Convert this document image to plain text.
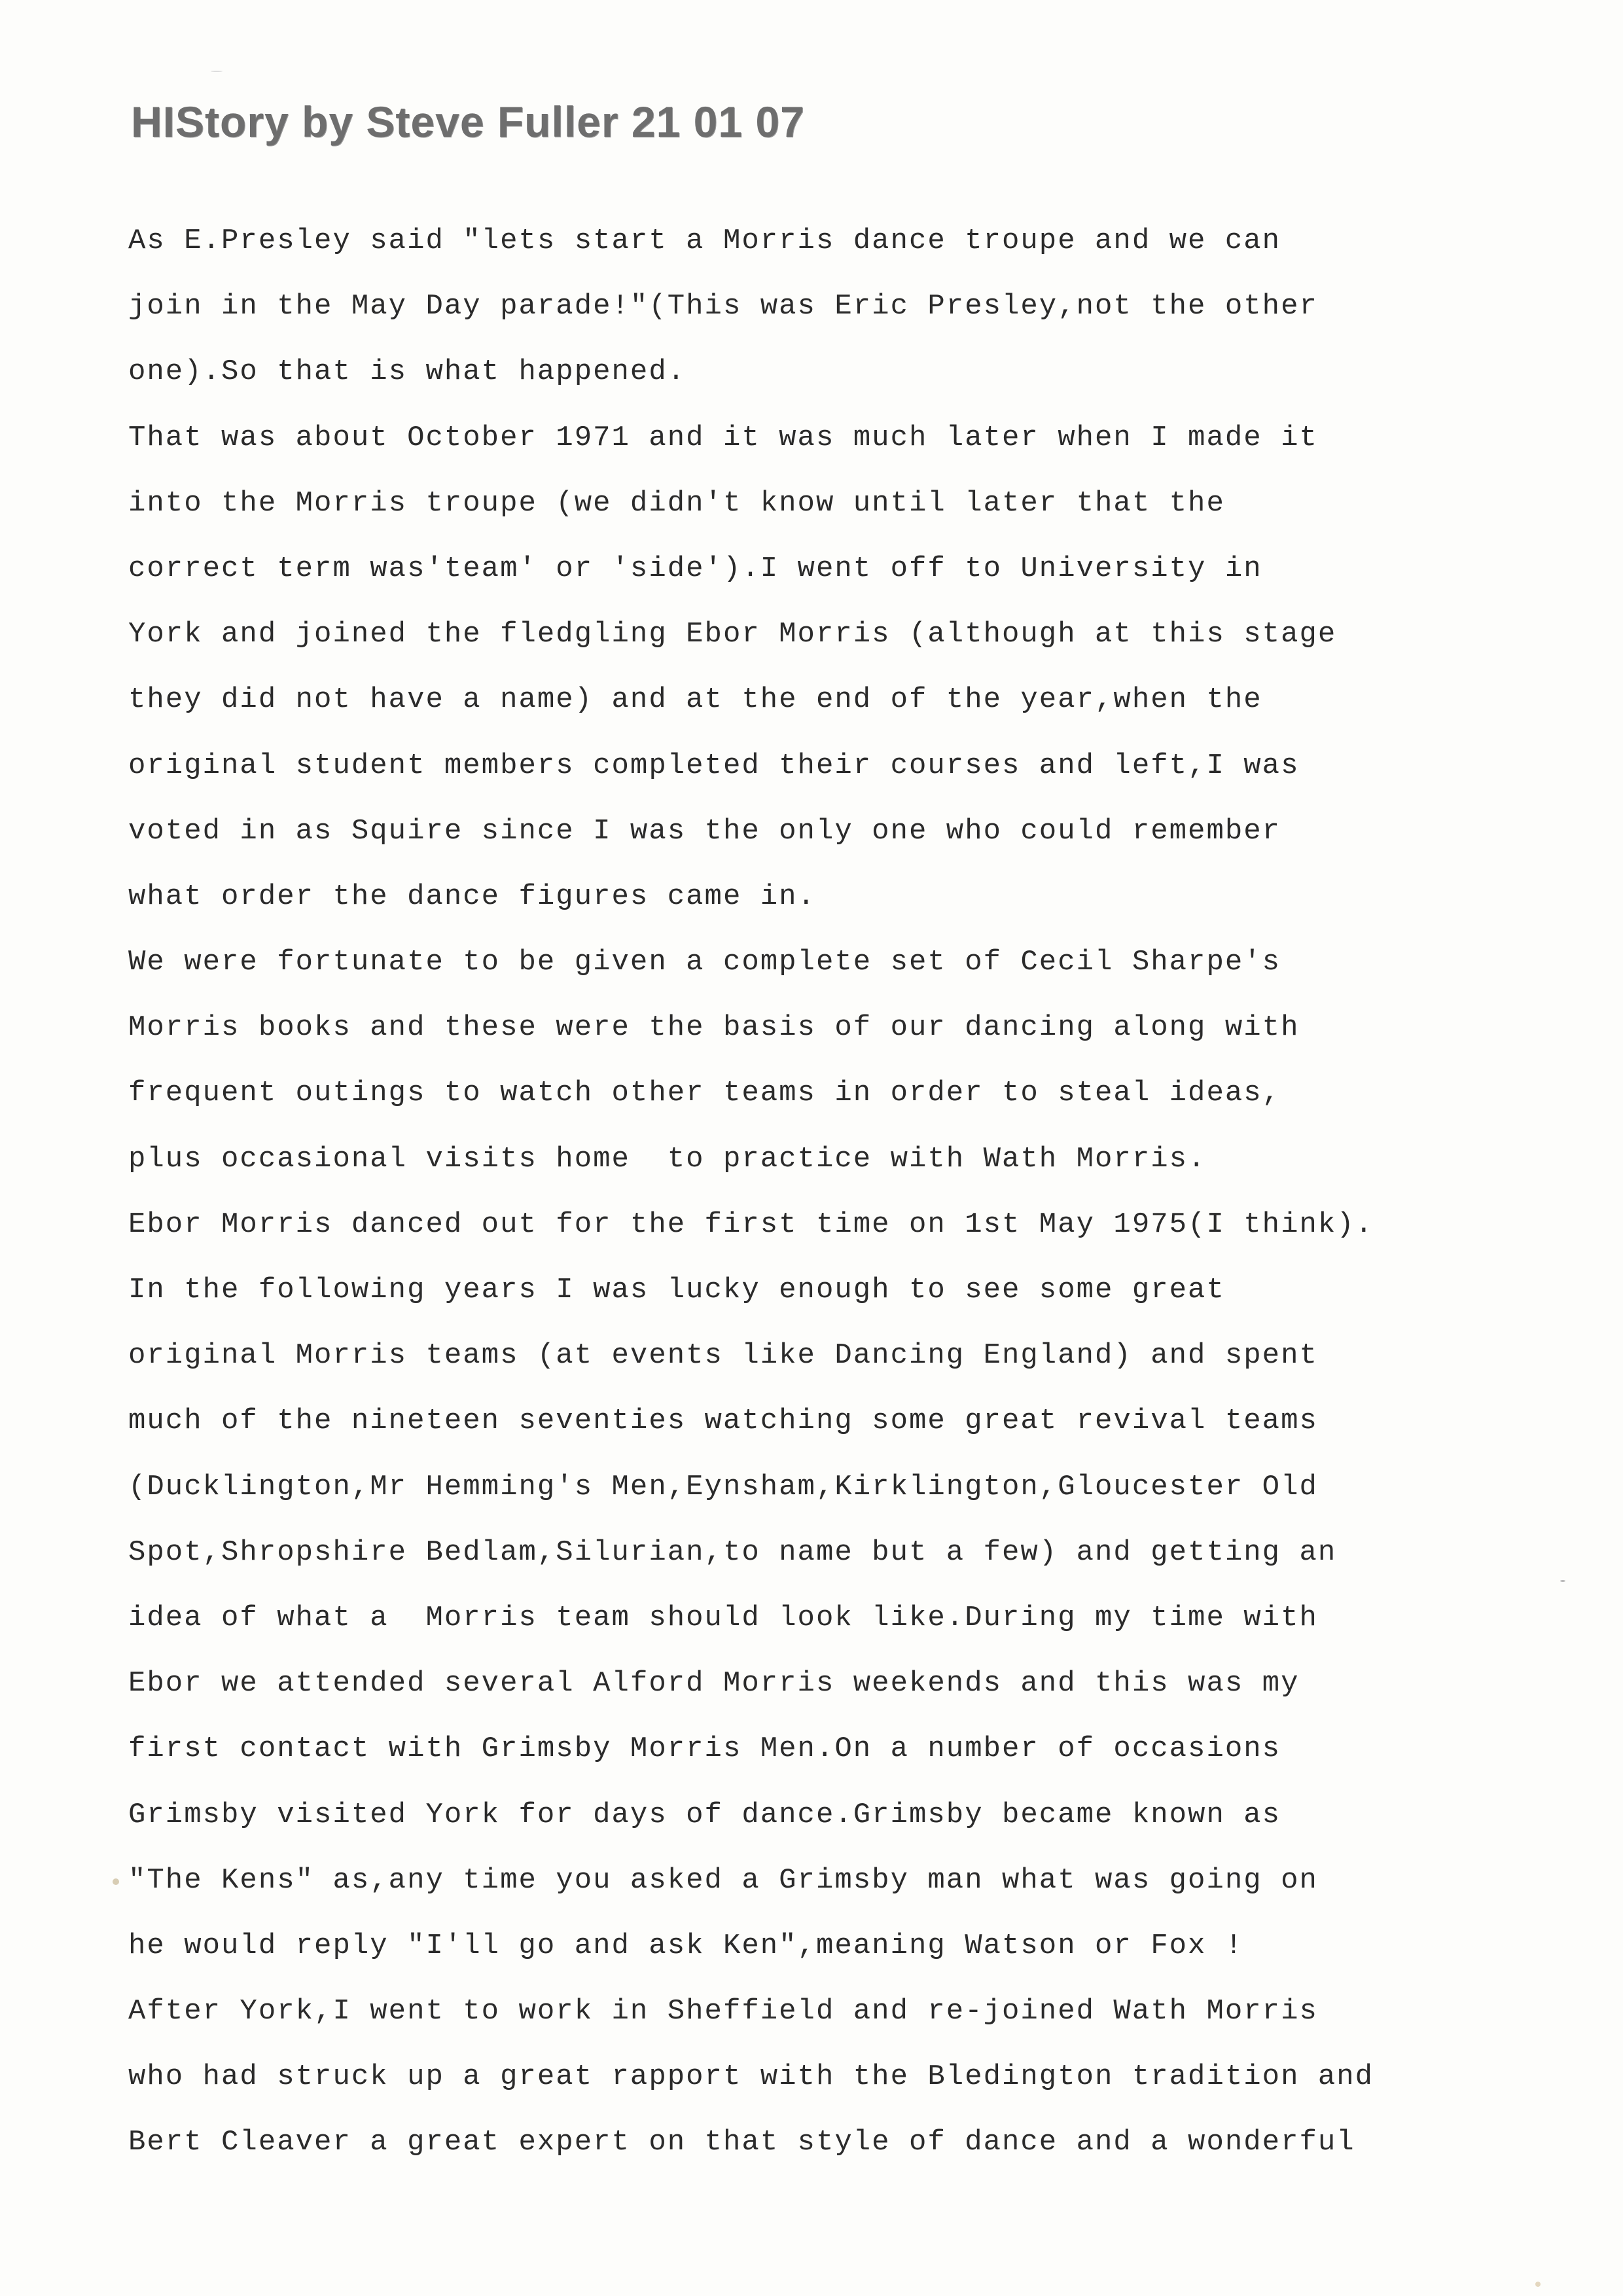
HIStory by Steve Fuller 21 01 07
As E.Presley said "lets start a Morris dance troupe and we can
join in the May Day parade!"(This was Eric Presley,not the other
one).So that is what happened.
That was about October 1971 and it was much later when I made it
into the Morris troupe (we didn't know until later that the
correct term was'team' or 'side').I went off to University in
York and joined the fledgling Ebor Morris (although at this stage
they did not have a name) and at the end of the year,when the
original student members completed their courses and left,I was
voted in as Squire since I was the only one who could remember
what order the dance figures came in.
We were fortunate to be given a complete set of Cecil Sharpe's
Morris books and these were the basis of our dancing along with
frequent outings to watch other teams in order to steal ideas,
plus occasional visits home  to practice with Wath Morris.
Ebor Morris danced out for the first time on 1st May 1975(I think).
In the following years I was lucky enough to see some great
original Morris teams (at events like Dancing England) and spent
much of the nineteen seventies watching some great revival teams
(Ducklington,Mr Hemming's Men,Eynsham,Kirklington,Gloucester Old
Spot,Shropshire Bedlam,Silurian,to name but a few) and getting an
idea of what a  Morris team should look like.During my time with
Ebor we attended several Alford Morris weekends and this was my
first contact with Grimsby Morris Men.On a number of occasions
Grimsby visited York for days of dance.Grimsby became known as
"The Kens" as,any time you asked a Grimsby man what was going on
he would reply "I'll go and ask Ken",meaning Watson or Fox !
After York,I went to work in Sheffield and re-joined Wath Morris
who had struck up a great rapport with the Bledington tradition and
Bert Cleaver a great expert on that style of dance and a wonderful
